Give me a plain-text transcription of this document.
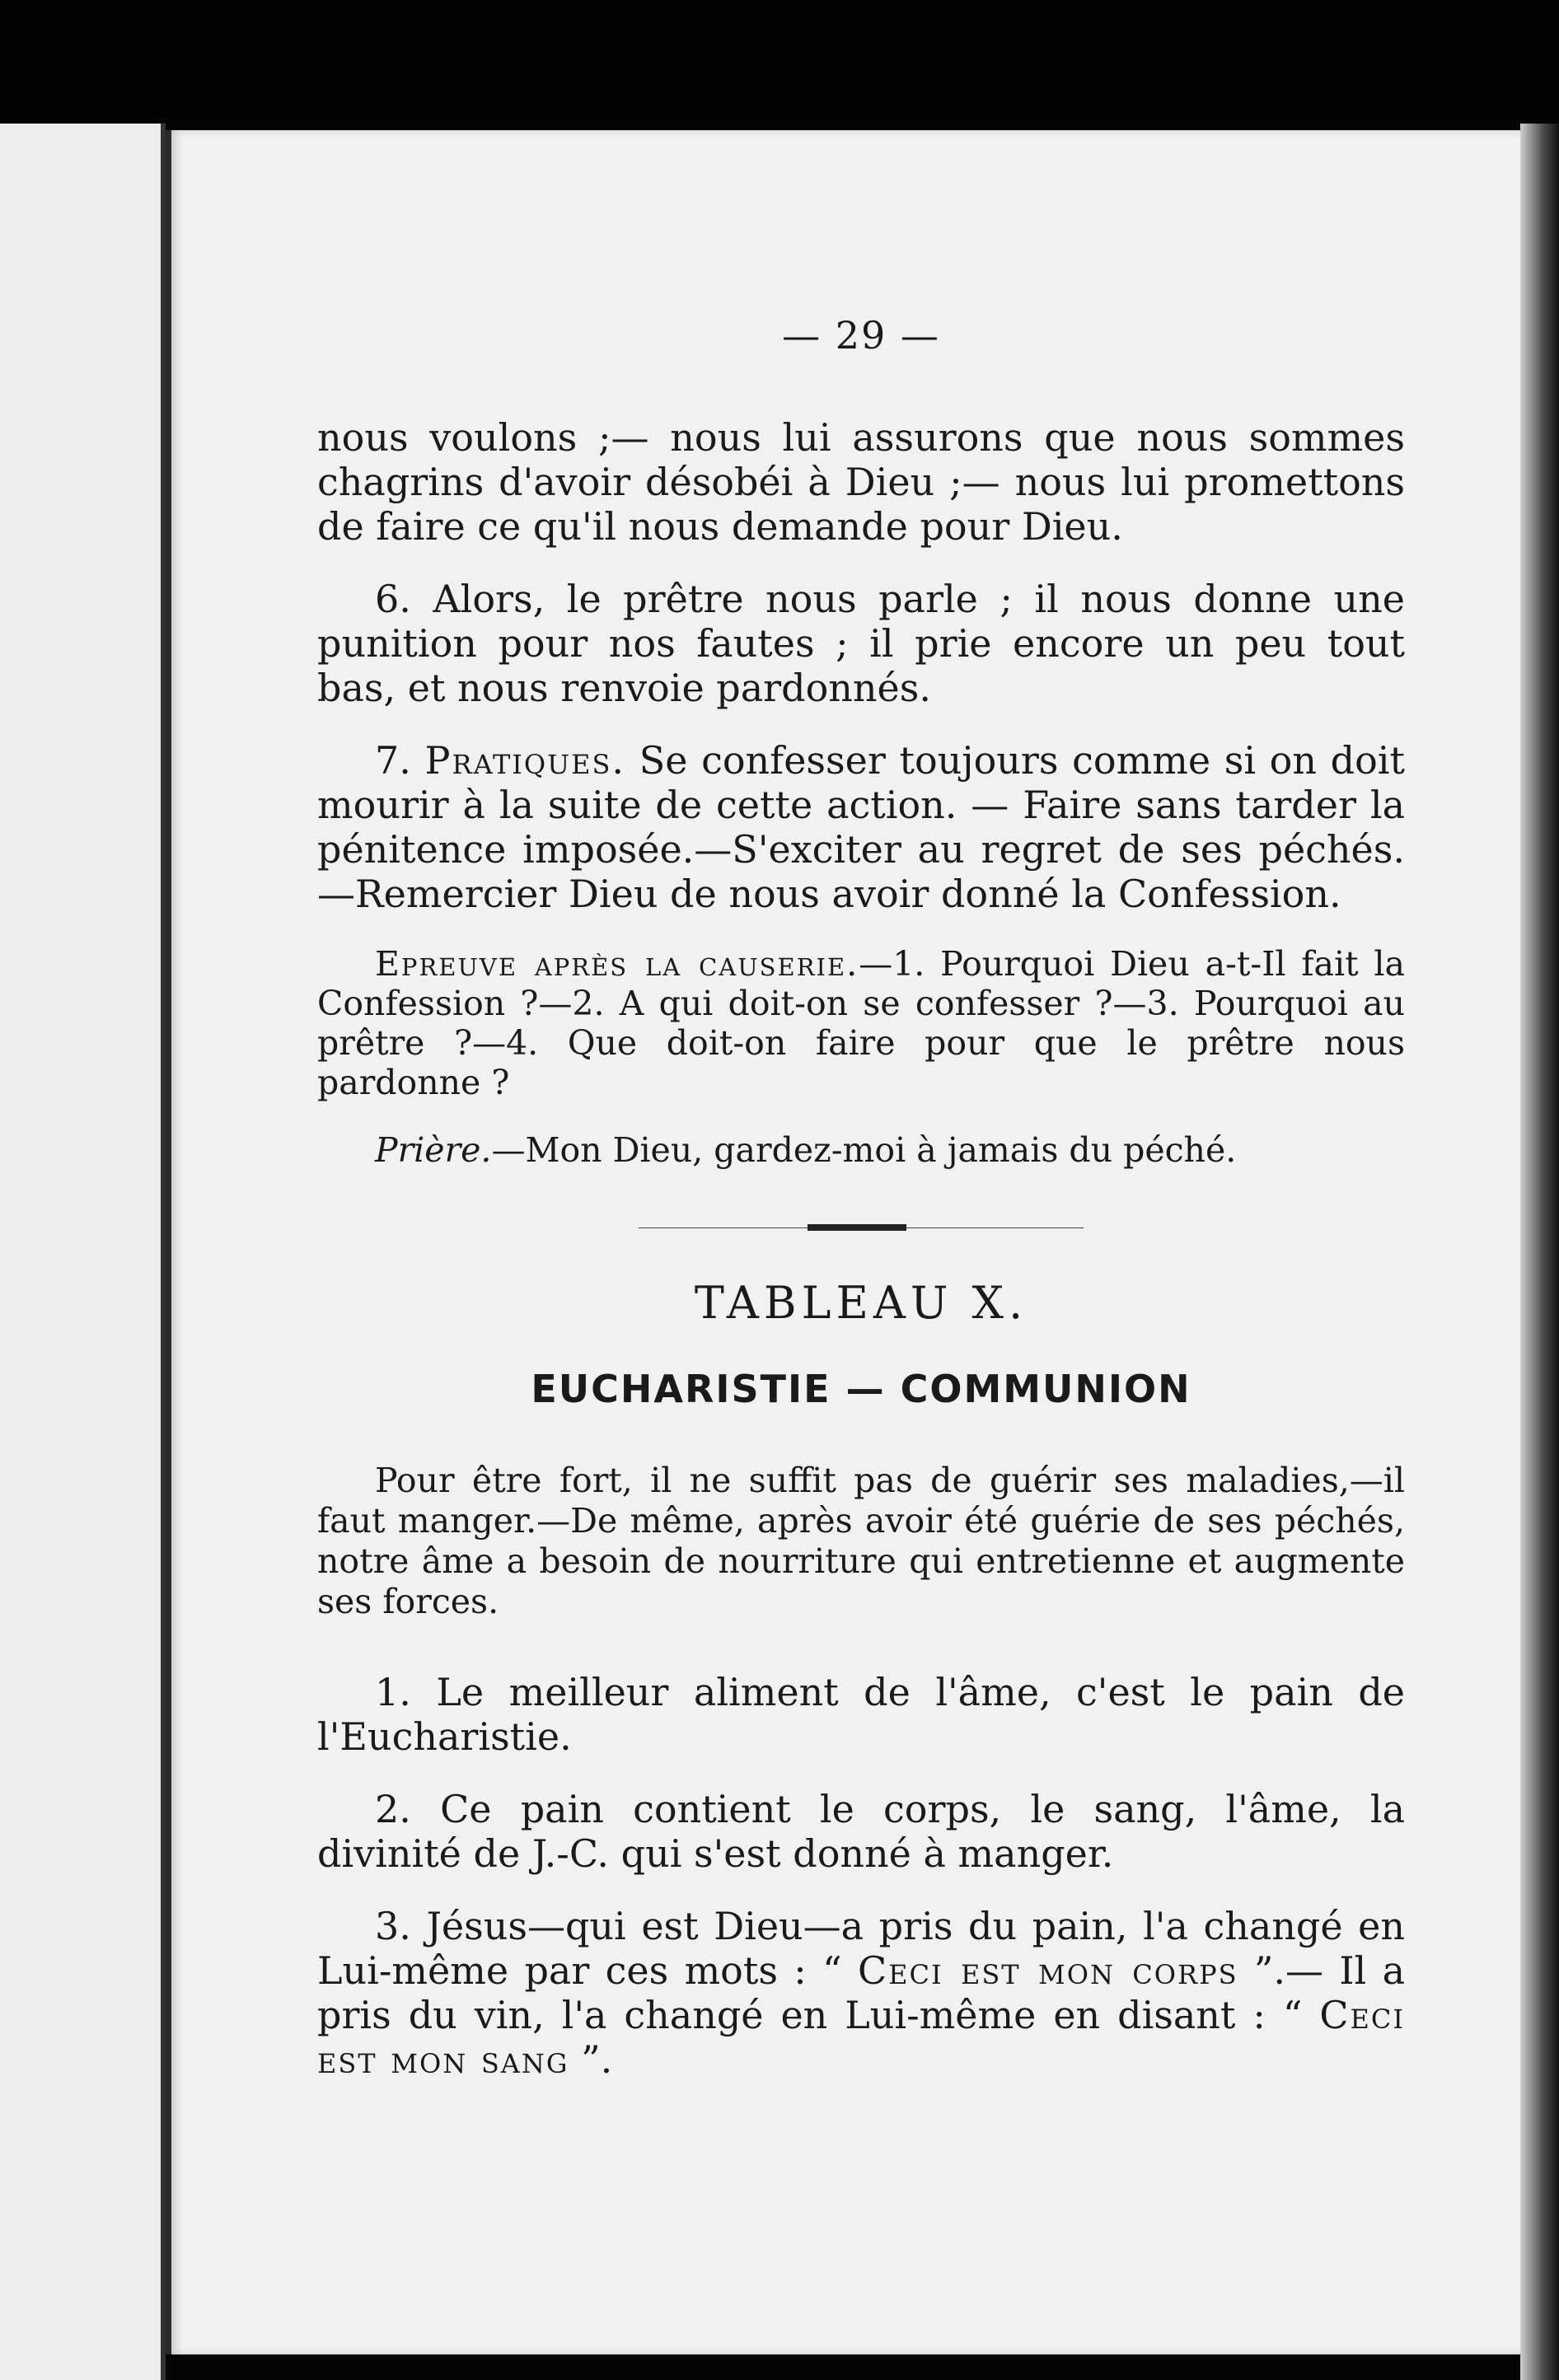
— 29 —

nous voulons ;— nous lui assurons que nous sommes chagrins d'avoir désobéi à Dieu ;— nous lui promettons de faire ce qu'il nous demande pour Dieu.

6. Alors, le prêtre nous parle ; il nous donne une punition pour nos fautes ; il prie encore un peu tout bas, et nous renvoie pardonnés.

7. Pratiques. Se confesser toujours comme si on doit mourir à la suite de cette action. — Faire sans tarder la pénitence imposée.—S'exciter au regret de ses péchés.—Remercier Dieu de nous avoir donné la Confession.

Epreuve après la causerie.—1. Pourquoi Dieu a-t-Il fait la Confession ?—2. A qui doit-on se confesser ?—3. Pourquoi au prêtre ?—4. Que doit-on faire pour que le prêtre nous pardonne ?

Prière.—Mon Dieu, gardez-moi à jamais du péché.

TABLEAU X.
EUCHARISTIE — COMMUNION

Pour être fort, il ne suffit pas de guérir ses maladies,—il faut manger.—De même, après avoir été guérie de ses péchés, notre âme a besoin de nourriture qui entretienne et augmente ses forces.

1. Le meilleur aliment de l'âme, c'est le pain de l'Eucharistie.

2. Ce pain contient le corps, le sang, l'âme, la divinité de J.-C. qui s'est donné à manger.

3. Jésus—qui est Dieu—a pris du pain, l'a changé en Lui-même par ces mots : “ Ceci est mon corps ”.— Il a pris du vin, l'a changé en Lui-même en disant : “ Ceci est mon sang ”.
